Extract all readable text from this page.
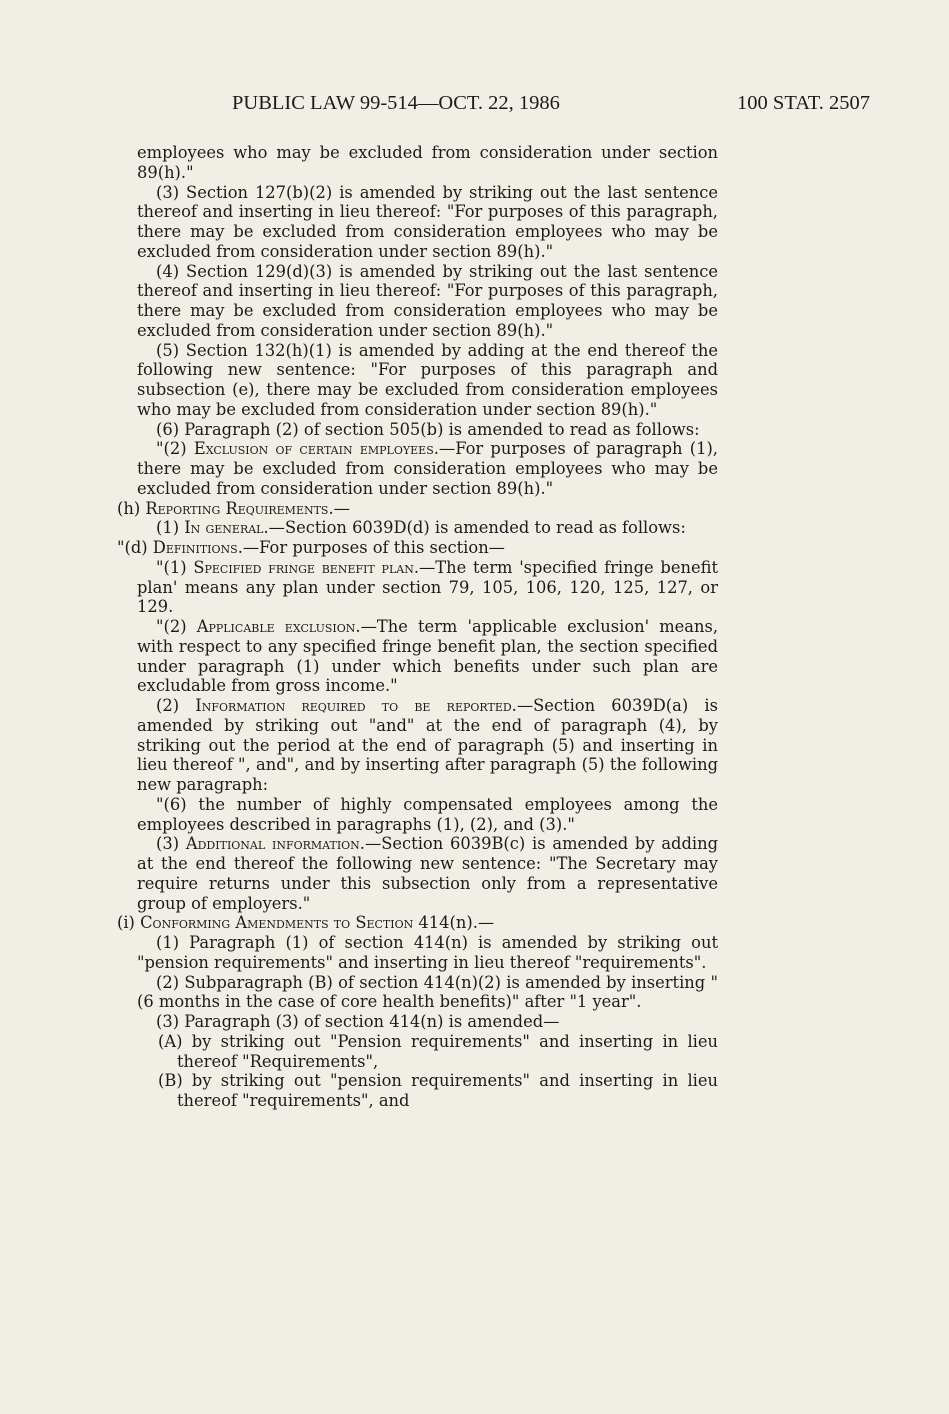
PUBLIC LAW 99-514—OCT. 22, 1986	100 STAT. 2507

employees who may be excluded from consideration under section 89(h)."

(3) Section 127(b)(2) is amended by striking out the last sentence thereof and inserting in lieu thereof: "For purposes of this paragraph, there may be excluded from consideration employees who may be excluded from consideration under section 89(h)."

(4) Section 129(d)(3) is amended by striking out the last sentence thereof and inserting in lieu thereof: "For purposes of this paragraph, there may be excluded from consideration employees who may be excluded from consideration under section 89(h)."

(5) Section 132(h)(1) is amended by adding at the end thereof the following new sentence: "For purposes of this paragraph and subsection (e), there may be excluded from consideration employees who may be excluded from consideration under section 89(h)."

(6) Paragraph (2) of section 505(b) is amended to read as follows:

"(2) Exclusion of certain employees.—For purposes of paragraph (1), there may be excluded from consideration employees who may be excluded from consideration under section 89(h)."

(h) Reporting Requirements.—

(1) In general.—Section 6039D(d) is amended to read as follows:

"(d) Definitions.—For purposes of this section—

"(1) Specified fringe benefit plan.—The term 'specified fringe benefit plan' means any plan under section 79, 105, 106, 120, 125, 127, or 129.

"(2) Applicable exclusion.—The term 'applicable exclusion' means, with respect to any specified fringe benefit plan, the section specified under paragraph (1) under which benefits under such plan are excludable from gross income."

(2) Information required to be reported.—Section 6039D(a) is amended by striking out "and" at the end of paragraph (4), by striking out the period at the end of paragraph (5) and inserting in lieu thereof ", and", and by inserting after paragraph (5) the following new paragraph:

"(6) the number of highly compensated employees among the employees described in paragraphs (1), (2), and (3)."

(3) Additional information.—Section 6039B(c) is amended by adding at the end thereof the following new sentence: "The Secretary may require returns under this subsection only from a representative group of employers."

(i) Conforming Amendments to Section 414(n).—

(1) Paragraph (1) of section 414(n) is amended by striking out "pension requirements" and inserting in lieu thereof "requirements".

(2) Subparagraph (B) of section 414(n)(2) is amended by inserting "(6 months in the case of core health benefits)" after "1 year".

(3) Paragraph (3) of section 414(n) is amended—

(A) by striking out "Pension requirements" and inserting in lieu thereof "Requirements",

(B) by striking out "pension requirements" and inserting in lieu thereof "requirements", and
